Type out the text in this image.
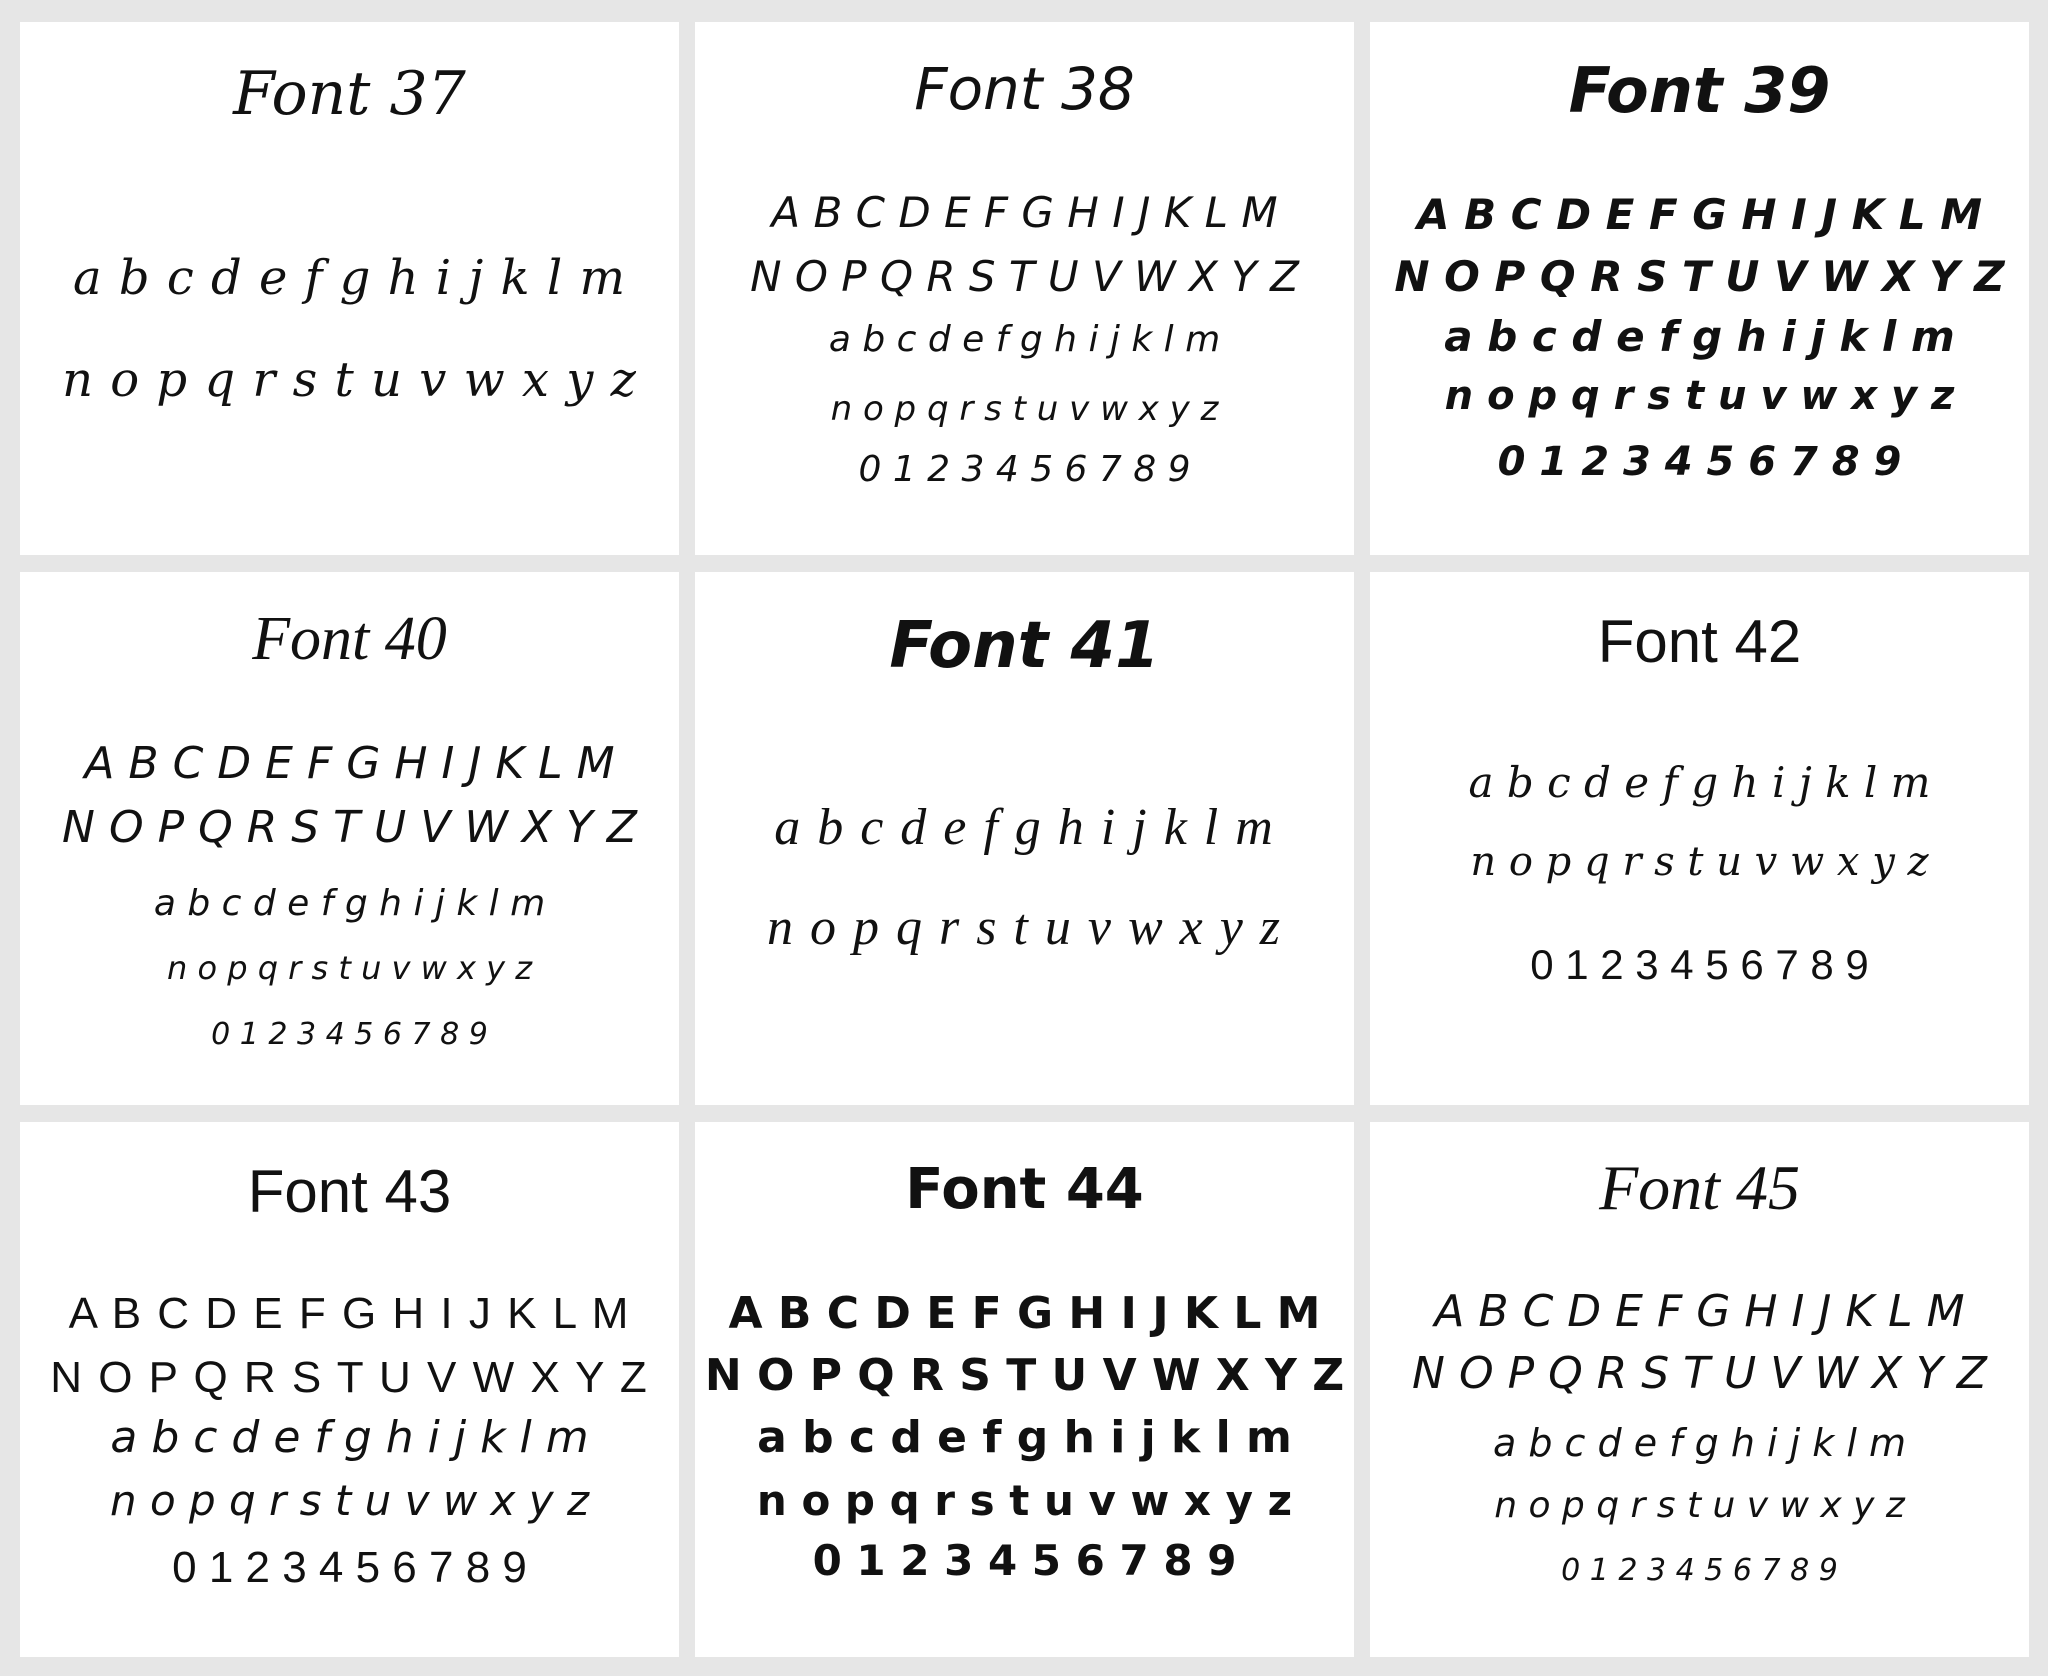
Font 37
a b c d e f g h i j k l m
n o p q r s t u v w x y z
Font 38
A B C D E F G H I J K L M
N O P Q R S T U V W X Y Z
a b c d e f g h i j k l m
n o p q r s t u v w x y z
0 1 2 3 4 5 6 7 8 9
Font 39
A B C D E F G H I J K L M
N O P Q R S T U V W X Y Z
a b c d e f g h i j k l m
n o p q r s t u v w x y z
0 1 2 3 4 5 6 7 8 9
Font 40
A B C D E F G H I J K L M
N O P Q R S T U V W X Y Z
a b c d e f g h i j k l m
n o p q r s t u v w x y z
0 1 2 3 4 5 6 7 8 9
Font 41
a b c d e f g h i j k l m
n o p q r s t u v w x y z
Font 42
a b c d e f g h i j k l m
n o p q r s t u v w x y z
0 1 2 3 4 5 6 7 8 9
Font 43
A B C D E F G H I J K L M
N O P Q R S T U V W X Y Z
a b c d e f g h i j k l m
n o p q r s t u v w x y z
0 1 2 3 4 5 6 7 8 9
Font 44
A B C D E F G H I J K L M
N O P Q R S T U V W X Y Z
a b c d e f g h i j k l m
n o p q r s t u v w x y z
0 1 2 3 4 5 6 7 8 9
Font 45
A B C D E F G H I J K L M
N O P Q R S T U V W X Y Z
a b c d e f g h i j k l m
n o p q r s t u v w x y z
0 1 2 3 4 5 6 7 8 9
